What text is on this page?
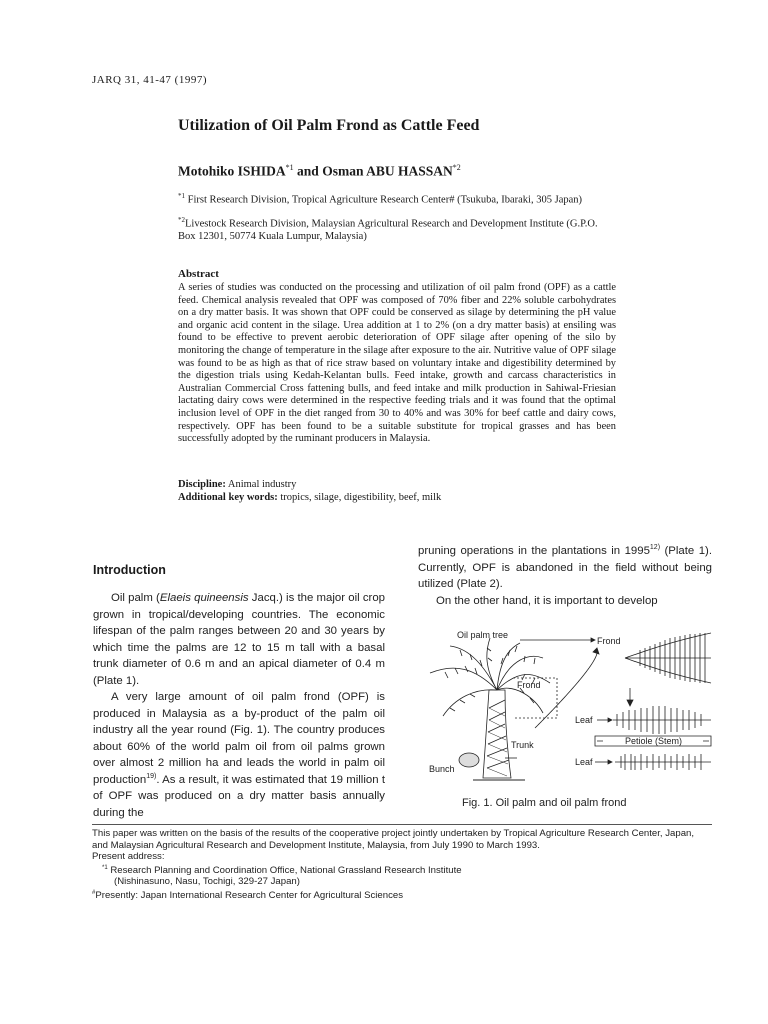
JARQ 31, 41-47 (1997)
Utilization of Oil Palm Frond as Cattle Feed
Motohiko ISHIDA$^{*1}$ and Osman ABU HASSAN$^{*2}$
$^{*1}$ First Research Division, Tropical Agriculture Research Center# (Tsukuba, Ibaraki, 305 Japan)
$^{*2}$Livestock Research Division, Malaysian Agricultural Research and Development Institute (G.P.O. Box 12301, 50774 Kuala Lumpur, Malaysia)
Abstract
A series of studies was conducted on the processing and utilization of oil palm frond (OPF) as a cattle feed. Chemical analysis revealed that OPF was composed of 70% fiber and 22% soluble carbohydrates on a dry matter basis. It was shown that OPF could be conserved as silage by determining the pH value and organic acid content in the silage. Urea addition at 1 to 2% (on a dry matter basis) at ensiling was found to be effective to prevent aerobic deterioration of OPF silage after opening of the silo by monitoring the change of temperature in the silage after exposure to the air. Nutritive value of OPF silage was found to be as high as that of rice straw based on voluntary intake and digestibility determined by the digestion trials using Kedah-Kelantan bulls. Feed intake, growth and carcass characteristics in Australian Commercial Cross fattening bulls, and feed intake and milk production in Sahiwal-Friesian lactating dairy cows were determined in the respective feeding trials and it was found that the optimal inclusion level of OPF in the diet ranged from 30 to 40% and was 30% for beef cattle and dairy cows, respectively. OPF has been found to be a suitable substitute for tropical grasses and has been successfully adopted by the ruminant producers in Malaysia.
Discipline: Animal industry
Additional key words: tropics, silage, digestibility, beef, milk
Introduction

Oil palm (Elaeis quineensis Jacq.) is the major oil crop grown in tropical/developing countries. The economic lifespan of the palm ranges between 20 and 30 years by which time the palms are 12 to 15 m tall with a basal trunk diameter of 0.6 m and an apical diameter of 0.4 m (Plate 1).

A very large amount of oil palm frond (OPF) is produced in Malaysia as a by-product of the palm oil industry all the year round (Fig. 1). The country produces about 60% of the world palm oil from oil palms grown over almost 2 million ha and leads the world in palm oil production$^{19)}$. As a result, it was estimated that 19 million t of OPF was produced on a dry matter basis annually during the

pruning operations in the plantations in 1995$^{12)}$ (Plate 1). Currently, OPF is abandoned in the field without being utilized (Plate 2).

On the other hand, it is important to develop

Oil palm tree
Frond
Frond
Trunk
Bunch
Leaf
Petiole (Stem)
Leaf
Fig. 1. Oil palm and oil palm frond

This paper was written on the basis of the results of the cooperative project jointly undertaken by Tropical Agriculture Research Center, Japan, and Malaysian Agricultural Research and Development Institute, Malaysia, from July 1990 to March 1993.

Present address:

$^{*1}$ Research Planning and Coordination Office, National Grassland Research Institute

(Nishinasuno, Nasu, Tochigi, 329-27 Japan)

#Presently: Japan International Research Center for Agricultural Sciences
